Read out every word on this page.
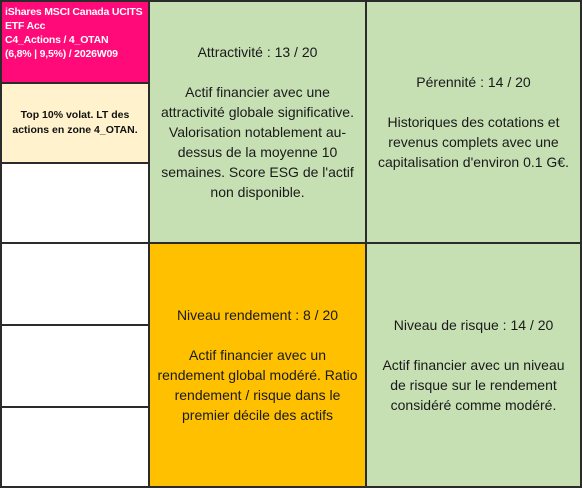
iShares MSCI Canada UCITS
ETF Acc
C4_Actions / 4_OTAN
(6,8% | 9,5%) / 2026W09
Top 10% volat. LT des actions en zone 4_OTAN.
Attractivité : 13 / 20
Actif financier avec une attractivité globale significative. Valorisation notablement au-dessus de la moyenne 10 semaines. Score ESG de l'actif non disponible.
Pérennité : 14 / 20
Historiques des cotations et revenus complets avec une capitalisation d'environ 0.1 G€.
Niveau rendement : 8 / 20
Actif financier avec un rendement global modéré. Ratio rendement / risque dans le premier décile des actifs
Niveau de risque : 14 / 20
Actif financier avec un niveau de risque sur le rendement considéré comme modéré.
